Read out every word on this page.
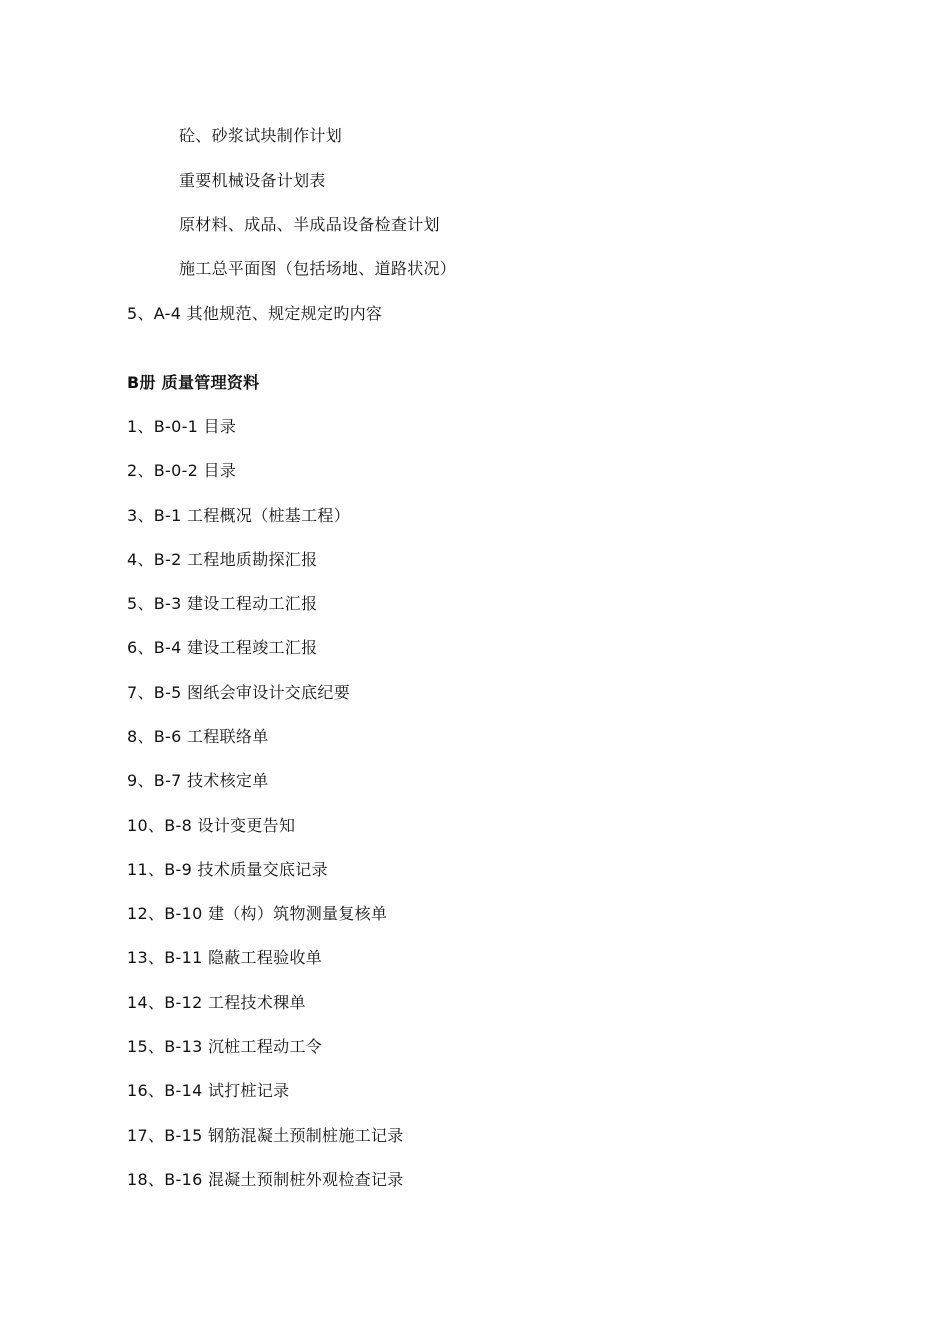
砼、砂浆试块制作计划
重要机械设备计划表
原材料、成品、半成品设备检查计划
施工总平面图（包括场地、道路状况）
5、A-4 其他规范、规定规定旳内容
B册 质量管理资料
1、B-0-1 目录
2、B-0-2 目录
3、B-1 工程概况（桩基工程）
4、B-2 工程地质勘探汇报
5、B-3 建设工程动工汇报
6、B-4 建设工程竣工汇报
7、B-5 图纸会审设计交底纪要
8、B-6 工程联络单
9、B-7 技术核定单
10、B-8 设计变更告知
11、B-9 技术质量交底记录
12、B-10 建（构）筑物测量复核单
13、B-11 隐蔽工程验收单
14、B-12 工程技术稞单
15、B-13 沉桩工程动工令
16、B-14 试打桩记录
17、B-15 钢筋混凝土预制桩施工记录
18、B-16 混凝土预制桩外观检查记录
